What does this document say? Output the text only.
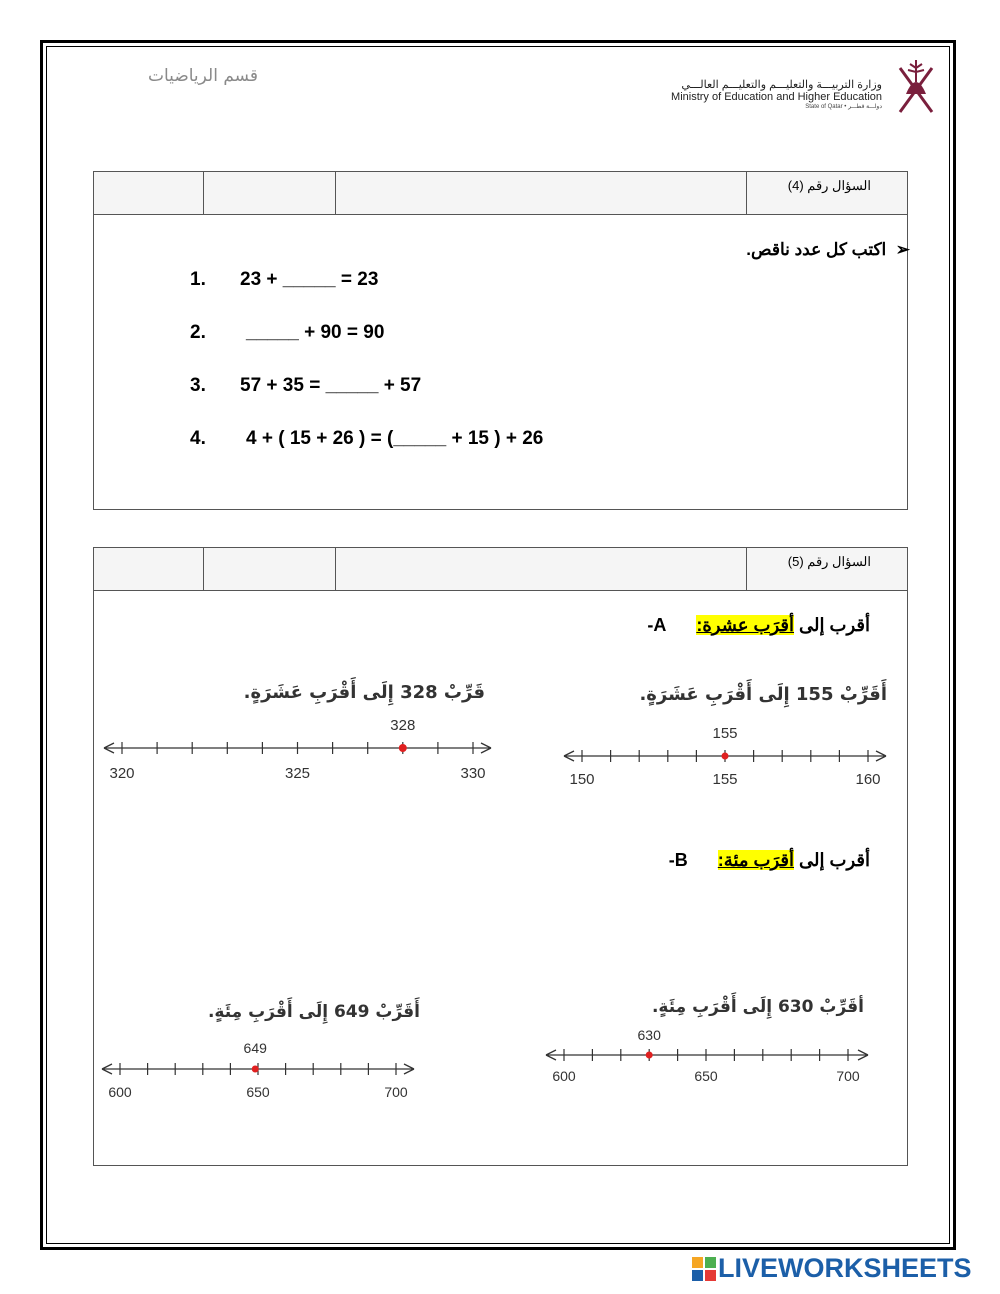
قسم الرياضيات	وزارة التربيـــة والتعليـــم والتعليـــم العالـــي
Ministry of Education and Higher Education
State of Qatar • دولـــة قطـــر
السؤال رقم (4)
➢  اكتب كل عدد ناقص.
1. 23 + _____ = 23
2. _____ + 90 = 90
3. 57 + 35 = _____ + 57
4. 4 + ( 15 + 26 ) = (_____ + 15 ) + 26
السؤال رقم (5)
أقرب إلى أقرَب عشرة:      A-
أقرب إلى أقرَب مئة:      B-
قَرِّبْ 328 إِلَى أَقْرَبِ عَشَرَةٍ.	أَقَرِّبْ 155 إِلَى أَقْرَبِ عَشَرَةٍ.
أَقَرِّبْ 649 إِلَى أَقْرَبِ مِئَةٍ.	أقَرِّبْ 630 إِلَى أَقْرَبِ مِئَةٍ.
320	325	330
328
150	155	160
155
600	650	700
649
600	650	700
630
LIVEWORKSHEETS
